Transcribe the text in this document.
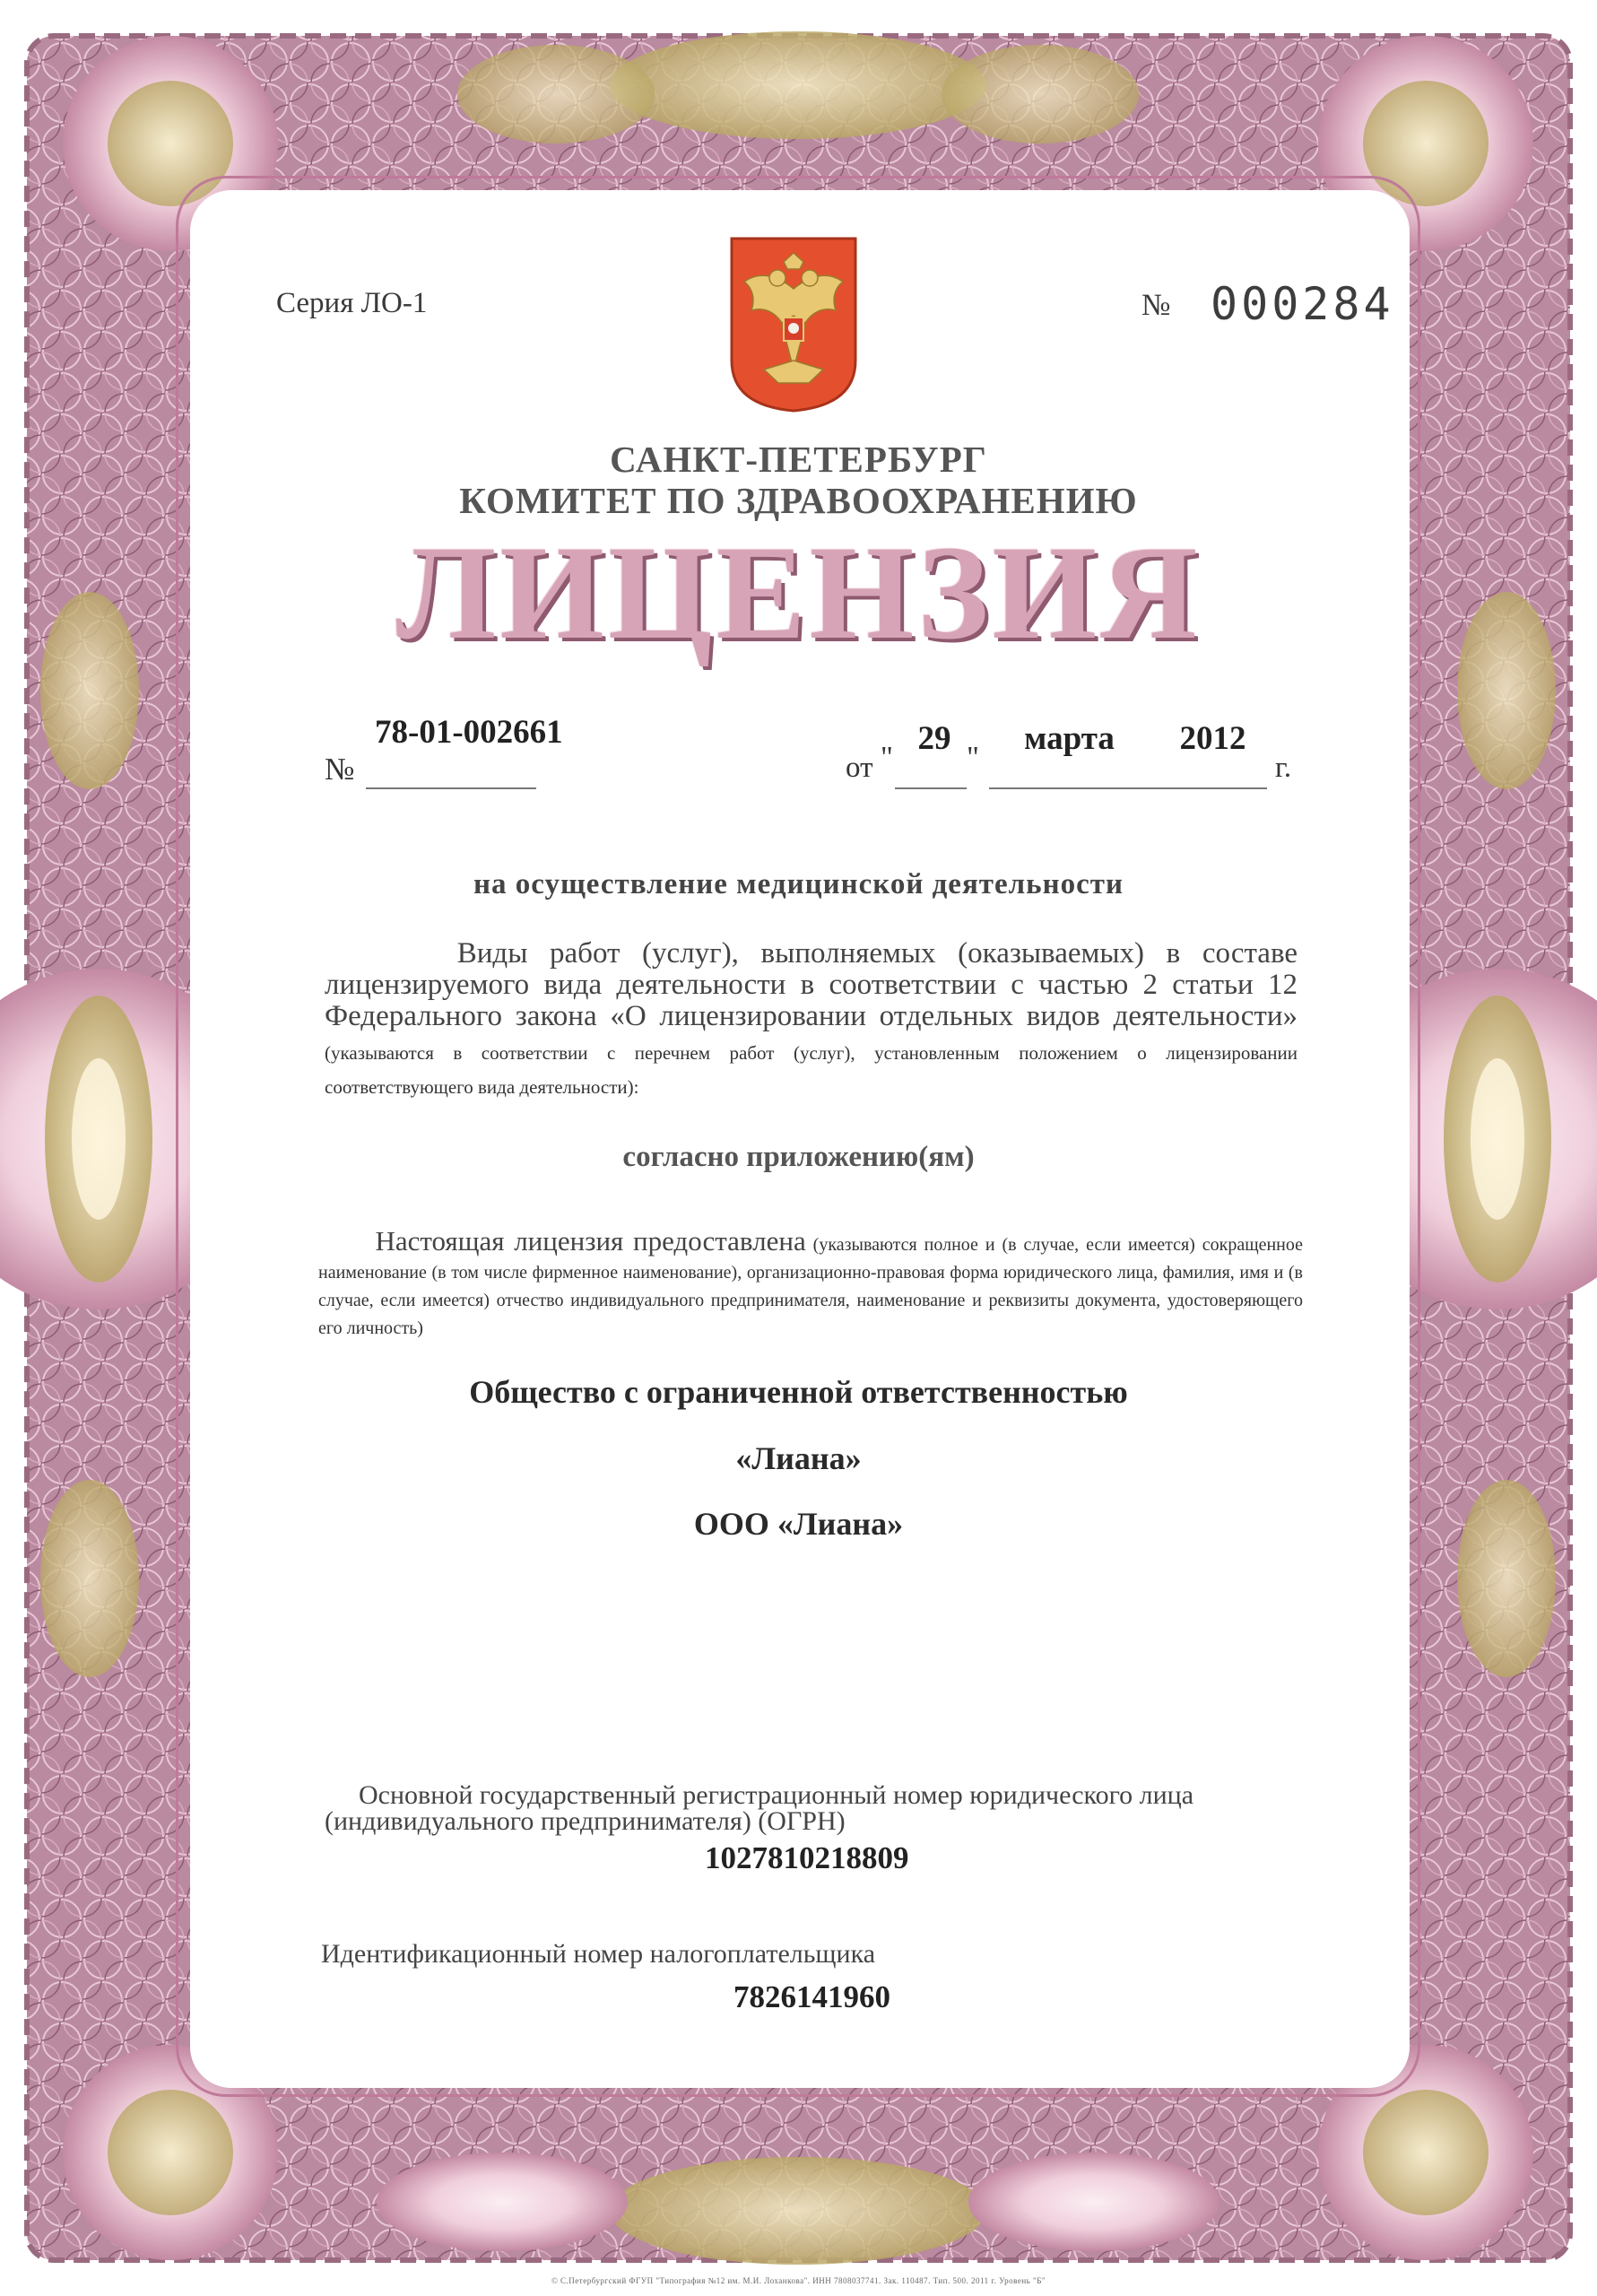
Серия ЛО-1	№ 000284
САНКТ-ПЕТЕРБУРГ
КОМИТЕТ ПО ЗДРАВООХРАНЕНИЮ
ЛИЦЕНЗИЯ
№
78-01-002661
от "
29
"
марта	2012
г.
на осуществление медицинской деятельности
Виды работ (услуг), выполняемых (оказываемых) в составе лицензируемого вида деятельности в соответствии с частью 2 статьи 12 Федерального закона «О лицензировании отдельных видов деятельности» (указываются в соответствии с перечнем работ (услуг), установленным положением о лицензировании соответствующего вида деятельности):
согласно приложению(ям)
Настоящая лицензия предоставлена (указываются полное и (в случае, если имеется) сокращенное наименование (в том числе фирменное наименование), организационно-правовая форма юридического лица, фамилия, имя и (в случае, если имеется) отчество индивидуального предпринимателя, наименование и реквизиты документа, удостоверяющего его личность)
Общество с ограниченной ответственностью
«Лиана»
ООО «Лиана»
Основной государственный регистрационный номер юридического лица
(индивидуального предпринимателя) (ОГРН)
1027810218809
Идентификационный номер налогоплательщика
7826141960
© С.Петербургский ФГУП "Типография №12 им. М.И. Лоханкова". ИНН 7808037741. Зак. 110487. Тип. 500. 2011 г. Уровень "Б"
